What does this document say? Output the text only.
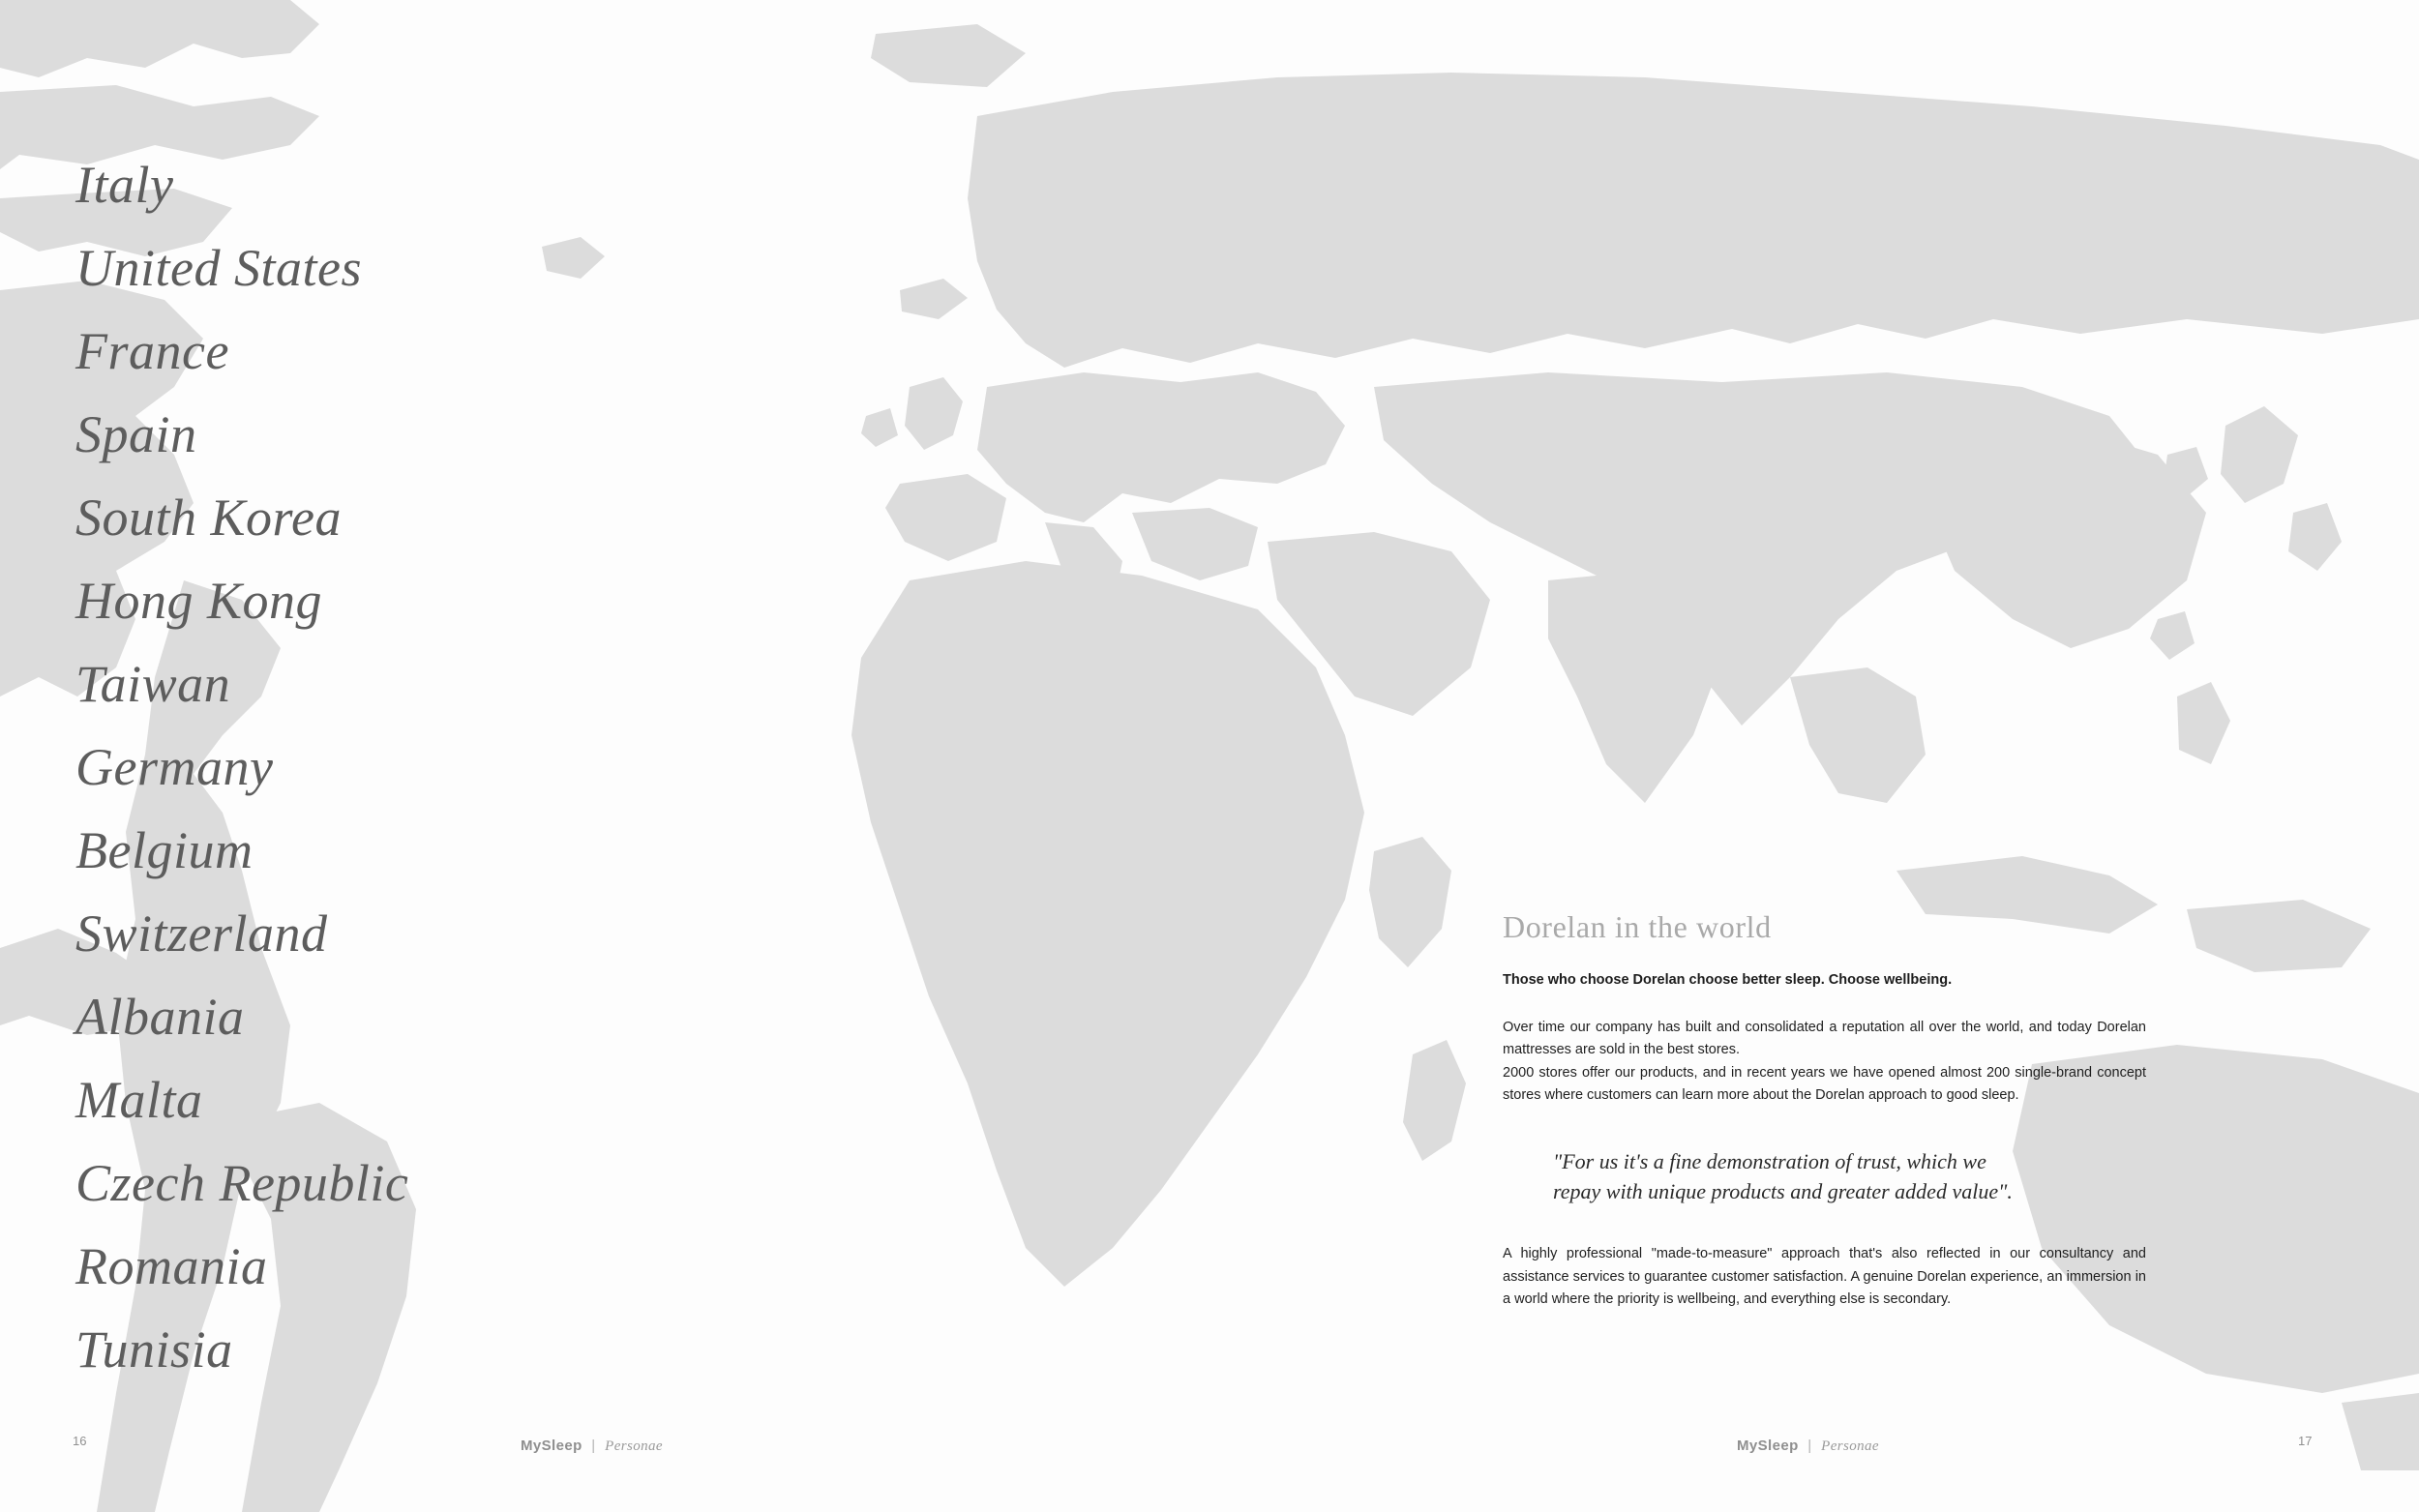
Italy
United States
France
Spain
South Korea
Hong Kong
Taiwan
Germany
Belgium
Switzerland
Albania
Malta
Czech Republic
Romania
Tunisia
Dorelan in the world
Those who choose Dorelan choose better sleep. Choose wellbeing.

Over time our company has built and consolidated a reputation all over the world, and today Dorelan mattresses are sold in the best stores.

2000 stores offer our products, and in recent years we have opened almost 200 single-brand concept stores where customers can learn more about the Dorelan approach to good sleep.

"For us it's a fine demonstration of trust, which we
repay with unique products and greater added value".

A highly professional "made-to-measure" approach that's also reflected in our consultancy and assistance services to guarantee customer satisfaction. A genuine Dorelan experience, an immersion in a world where the priority is wellbeing, and everything else is secondary.

MySleep | Personae	MySleep | Personae
16	17
